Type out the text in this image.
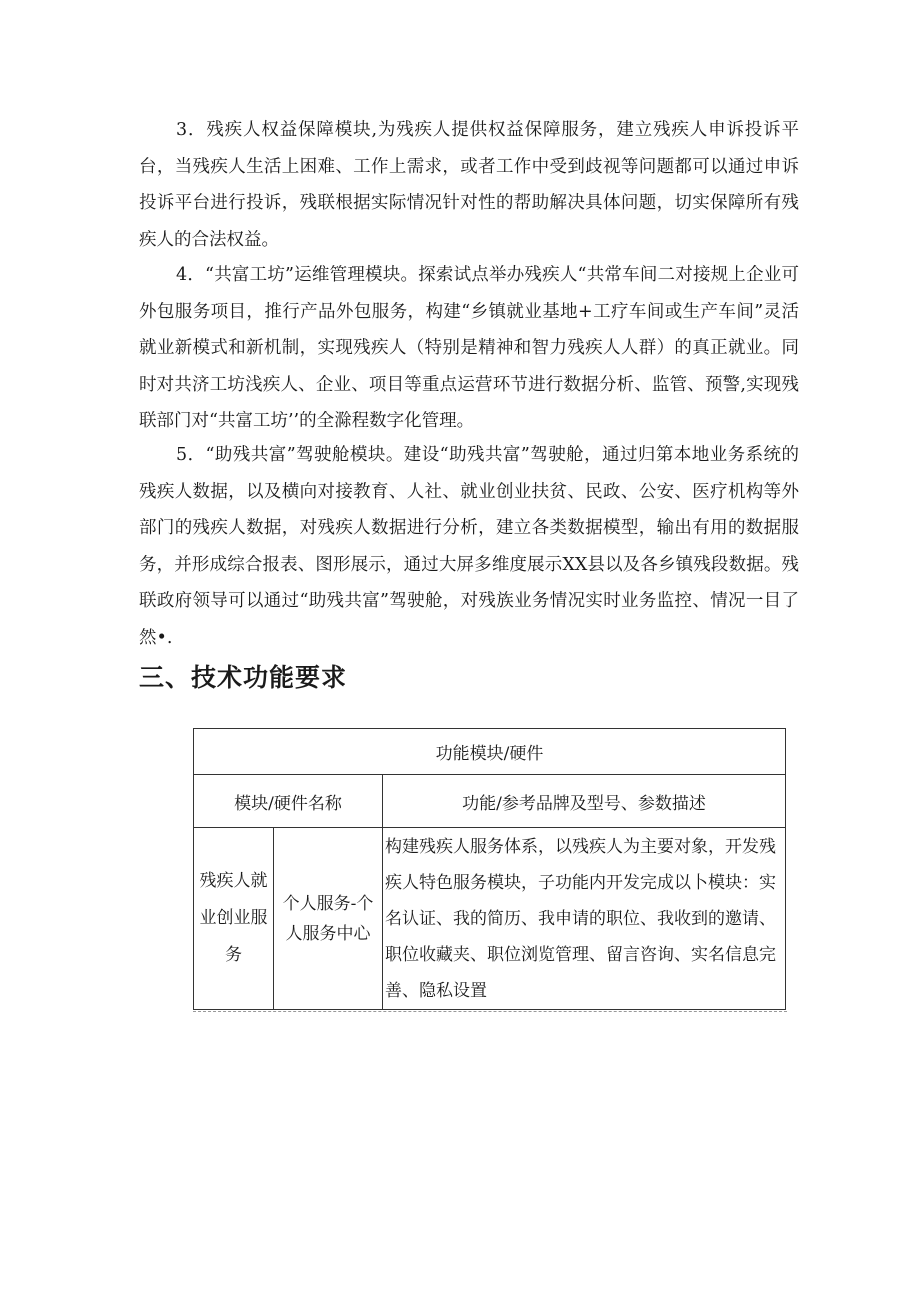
3．残疾人权益保障模块,为残疾人提供权益保障服务，建立残疾人申诉投诉平台，当残疾人生活上困难、工作上需求，或者工作中受到歧视等问题都可以通过申诉投诉平台进行投诉，残联根据实际情况针对性的帮助解决具体问题，切实保障所有残疾人的合法权益。

4．“共富工坊”运维管理模块。探索试点举办残疾人“共常车间二对接规上企业可外包服务项目，推行产品外包服务，构建“乡镇就业基地+工疗车间或生产车间”灵活就业新模式和新机制，实现残疾人（特别是精神和智力残疾人人群）的真正就业。同时对共济工坊浅疾人、企业、项目等重点运营环节进行数据分析、监管、预警,实现残联部门对“共富工坊’’的全滁程数字化管理。

5．“助残共富”驾驶舱模块。建设“助残共富”驾驶舱，通过归第本地业务系统的残疾人数据，以及横向对接教育、人社、就业创业扶贫、民政、公安、医疗机构等外部门的残疾人数据，对残疾人数据进行分析，建立各类数据模型，输出有用的数据服务，并形成综合报表、图形展示，通过大屏多维度展示XX县以及各乡镇残段数据。残联政府领导可以通过“助残共富”驾驶舱，对残族业务情况实时业务监控、情况一目了然•.

三、技术功能要求
功能模块/硬件		
模块/硬件名称		功能/参考品牌及型号、参数描述
残疾人就业创业服务	个人服务-个人服务中心	构建残疾人服务体系，以残疾人为主要对象，开发残疾人特色服务模块，子功能内开发完成以卜模块：实名认证、我的简历、我申请的职位、我收到的邀请、职位收藏夹、职位浏览管理、留言咨询、实名信息完善、隐私设置
